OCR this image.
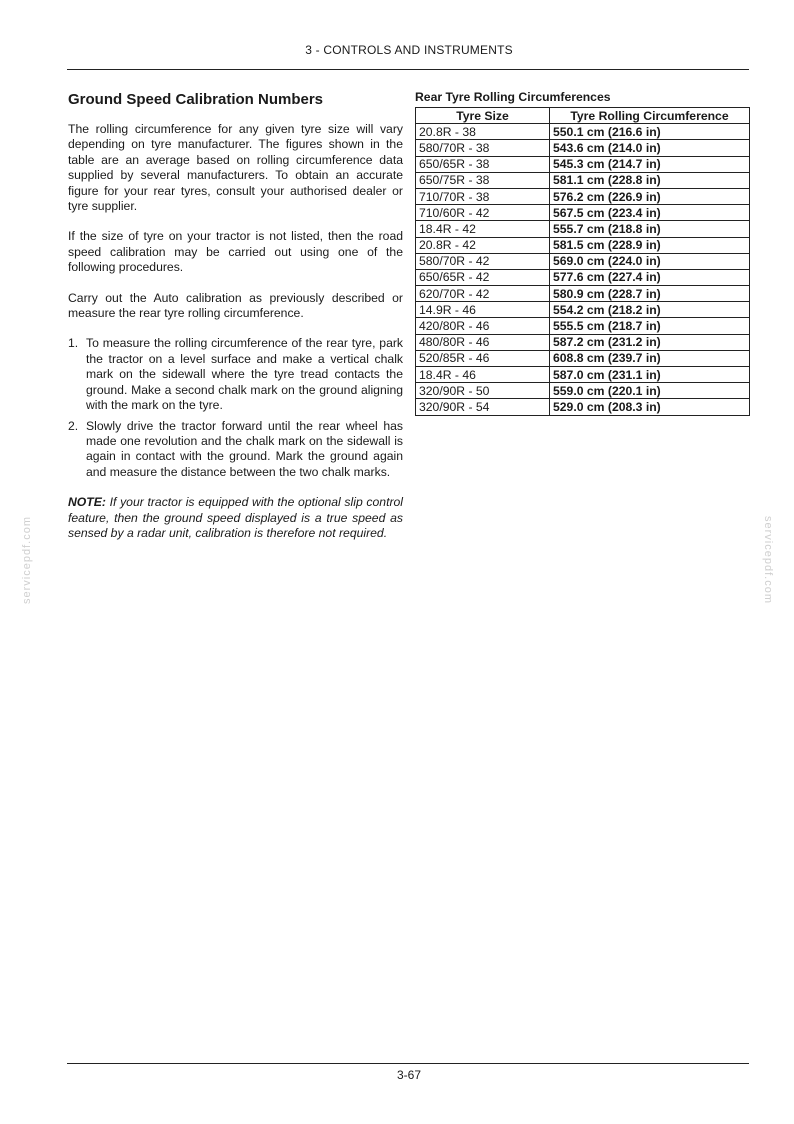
3 - CONTROLS AND INSTRUMENTS
Ground Speed Calibration Numbers

The rolling circumference for any given tyre size will vary depending on tyre manufacturer. The figures shown in the table are an average based on rolling circumference data supplied by several manufacturers. To obtain an accurate figure for your rear tyres, consult your authorised dealer or tyre supplier.

If the size of tyre on your tractor is not listed, then the road speed calibration may be carried out using one of the following procedures.

Carry out the Auto calibration as previously described or measure the rear tyre rolling circumference.

1. To measure the rolling circumference of the rear tyre, park the tractor on a level surface and make a vertical chalk mark on the sidewall where the tyre tread contacts the ground. Make a second chalk mark on the ground aligning with the mark on the tyre.
2. Slowly drive the tractor forward until the rear wheel has made one revolution and the chalk mark on the sidewall is again in contact with the ground. Mark the ground again and measure the distance between the two chalk marks.

NOTE: If your tractor is equipped with the optional slip control feature, then the ground speed displayed is a true speed as sensed by a radar unit, calibration is therefore not required.

Rear Tyre Rolling Circumferences
Tyre Size	Tyre Rolling Circumference
20.8R - 38	550.1 cm (216.6 in)
580/70R - 38	543.6 cm (214.0 in)
650/65R - 38	545.3 cm (214.7 in)
650/75R - 38	581.1 cm (228.8 in)
710/70R - 38	576.2 cm (226.9 in)
710/60R - 42	567.5 cm (223.4 in)
18.4R - 42	555.7 cm (218.8 in)
20.8R - 42	581.5 cm (228.9 in)
580/70R - 42	569.0 cm (224.0 in)
650/65R - 42	577.6 cm (227.4 in)
620/70R - 42	580.9 cm (228.7 in)
14.9R - 46	554.2 cm (218.2 in)
420/80R - 46	555.5 cm (218.7 in)
480/80R - 46	587.2 cm (231.2 in)
520/85R - 46	608.8 cm (239.7 in)
18.4R - 46	587.0 cm (231.1 in)
320/90R - 50	559.0 cm (220.1 in)
320/90R - 54	529.0 cm (208.3 in)
servicepdf.com	servicepdf.com
3-67
